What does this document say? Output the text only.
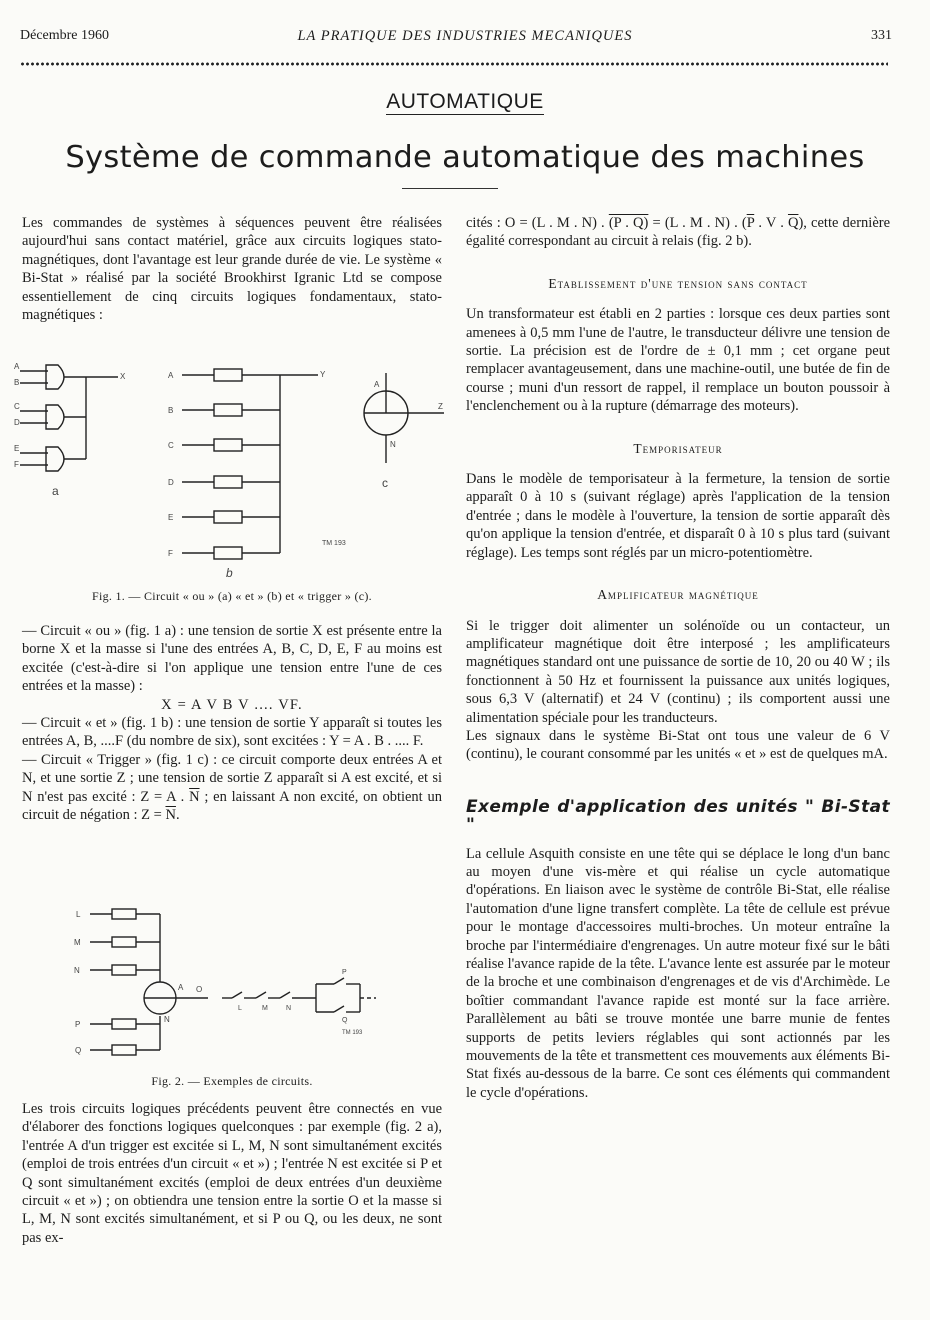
Décembre 1960	LA PRATIQUE DES INDUSTRIES MECANIQUES	331
AUTOMATIQUE
Système de commande automatique des machines

Les commandes de systèmes à séquences peuvent être réalisées aujourd'hui sans contact matériel, grâce aux circuits logiques stato-magnétiques, dont l'avantage est leur grande durée de vie. Le système « Bi-Stat » réalisé par la société Brookhirst Igranic Ltd se compose essentiellement de cinq circuits logiques fondamentaux, stato-magnétiques :

A
B
C
D
E
F
X
a
A
B
C
D
E
F
Y
b
TM 193
A
N
Z
c
Fig. 1. — Circuit « ou » (a) « et » (b) et « trigger » (c).

— Circuit « ou » (fig. 1 a) : une tension de sortie X est présente entre la borne X et la masse si l'une des entrées A, B, C, D, E, F au moins est excitée (c'est-à-dire si l'on applique une tension entre l'une de ces entrées et la masse) :

X = A V B V .... VF.

— Circuit « et » (fig. 1 b) : une tension de sortie Y apparaît si toutes les entrées A, B, ....F (du nombre de six), sont excitées : Y = A . B . .... F.

— Circuit « Trigger » (fig. 1 c) : ce circuit comporte deux entrées A et N, et une sortie Z ; une tension de sortie Z apparaît si A est excité, et si N n'est pas excité : Z = A . $\overline{N}$ ; en laissant A non excité, on obtient un circuit de négation : $Z = \overline{N}$.

L
M
N
P
Q
A
N
O
L	M	N
P
Q
TM 193
Fig. 2. — Exemples de circuits.

Les trois circuits logiques précédents peuvent être connectés en vue d'élaborer des fonctions logiques quelconques : par exemple (fig. 2 a), l'entrée A d'un trigger est excitée si L, M, N sont simultanément excités (emploi de trois entrées d'un circuit « et ») ; l'entrée N est excitée si P et Q sont simultanément excités (emploi de deux entrées d'un deuxième circuit « et ») ; on obtiendra une tension entre la sortie O et la masse si L, M, N sont excités simultanément, et si P ou Q, ou les deux, ne sont pas ex-

cités : O = (L . M . N) . (P . Q) = (L . M . N) . ($\overline{P}$ . V . $\overline{Q}$), cette dernière égalité correspondant au circuit à relais (fig. 2 b).

Etablissement d'une tension sans contact

Un transformateur est établi en 2 parties : lorsque ces deux parties sont amenees à 0,5 mm l'une de l'autre, le transducteur délivre une tension de sortie. La précision est de l'ordre de ± 0,1 mm ; cet organe peut remplacer avantageusement, dans une machine-outil, une butée de fin de course ; muni d'un ressort de rappel, il remplace un bouton poussoir à l'enclenchement ou à la rupture (démarrage des moteurs).

Temporisateur

Dans le modèle de temporisateur à la fermeture, la tension de sortie apparaît 0 à 10 s (suivant réglage) après l'application de la tension d'entrée ; dans le modèle à l'ouverture, la tension de sortie apparaît dès qu'on applique la tension d'entrée, et disparaît 0 à 10 s plus tard (suivant réglage). Les temps sont réglés par un micro-potentiomètre.

Amplificateur magnétique

Si le trigger doit alimenter un solénoïde ou un contacteur, un amplificateur magnétique doit être interposé ; les amplificateurs magnétiques standard ont une puissance de sortie de 10, 20 ou 40 W ; ils fonctionnent à 50 Hz et fournissent la puissance aux unités logiques, sous 6,3 V (alternatif) et 24 V (continu) ; ils comportent aussi une alimentation spéciale pour les tranducteurs.

Les signaux dans le système Bi-Stat ont tous une valeur de 6 V (continu), le courant consommé par les unités « et » est de quelques mA.

Exemple d'application des unités " Bi-Stat "

La cellule Asquith consiste en une tête qui se déplace le long d'un banc au moyen d'une vis-mère et qui réalise un cycle automatique d'opérations. En liaison avec le système de contrôle Bi-Stat, elle réalise l'automation d'une ligne transfert complète. La tête de cellule est prévue pour le montage d'accessoires multi-broches. Un moteur entraîne la broche par l'intermédiaire d'engrenages. Un autre moteur fixé sur le bâti réalise l'avance rapide de la tête. L'avance lente est assurée par le moteur de la broche et une combinaison d'engrenages et de vis d'Archimède. Le boîtier commandant l'avance rapide est monté sur la face arrière. Parallèlement au bâti se trouve montée une barre munie de fentes supports de petits leviers réglables qui sont actionnés par les mouvements de la tête et transmettent ces mouvements aux éléments Bi-Stat fixés au-dessous de la barre. Ce sont ces éléments qui commandent le cycle d'opérations.
